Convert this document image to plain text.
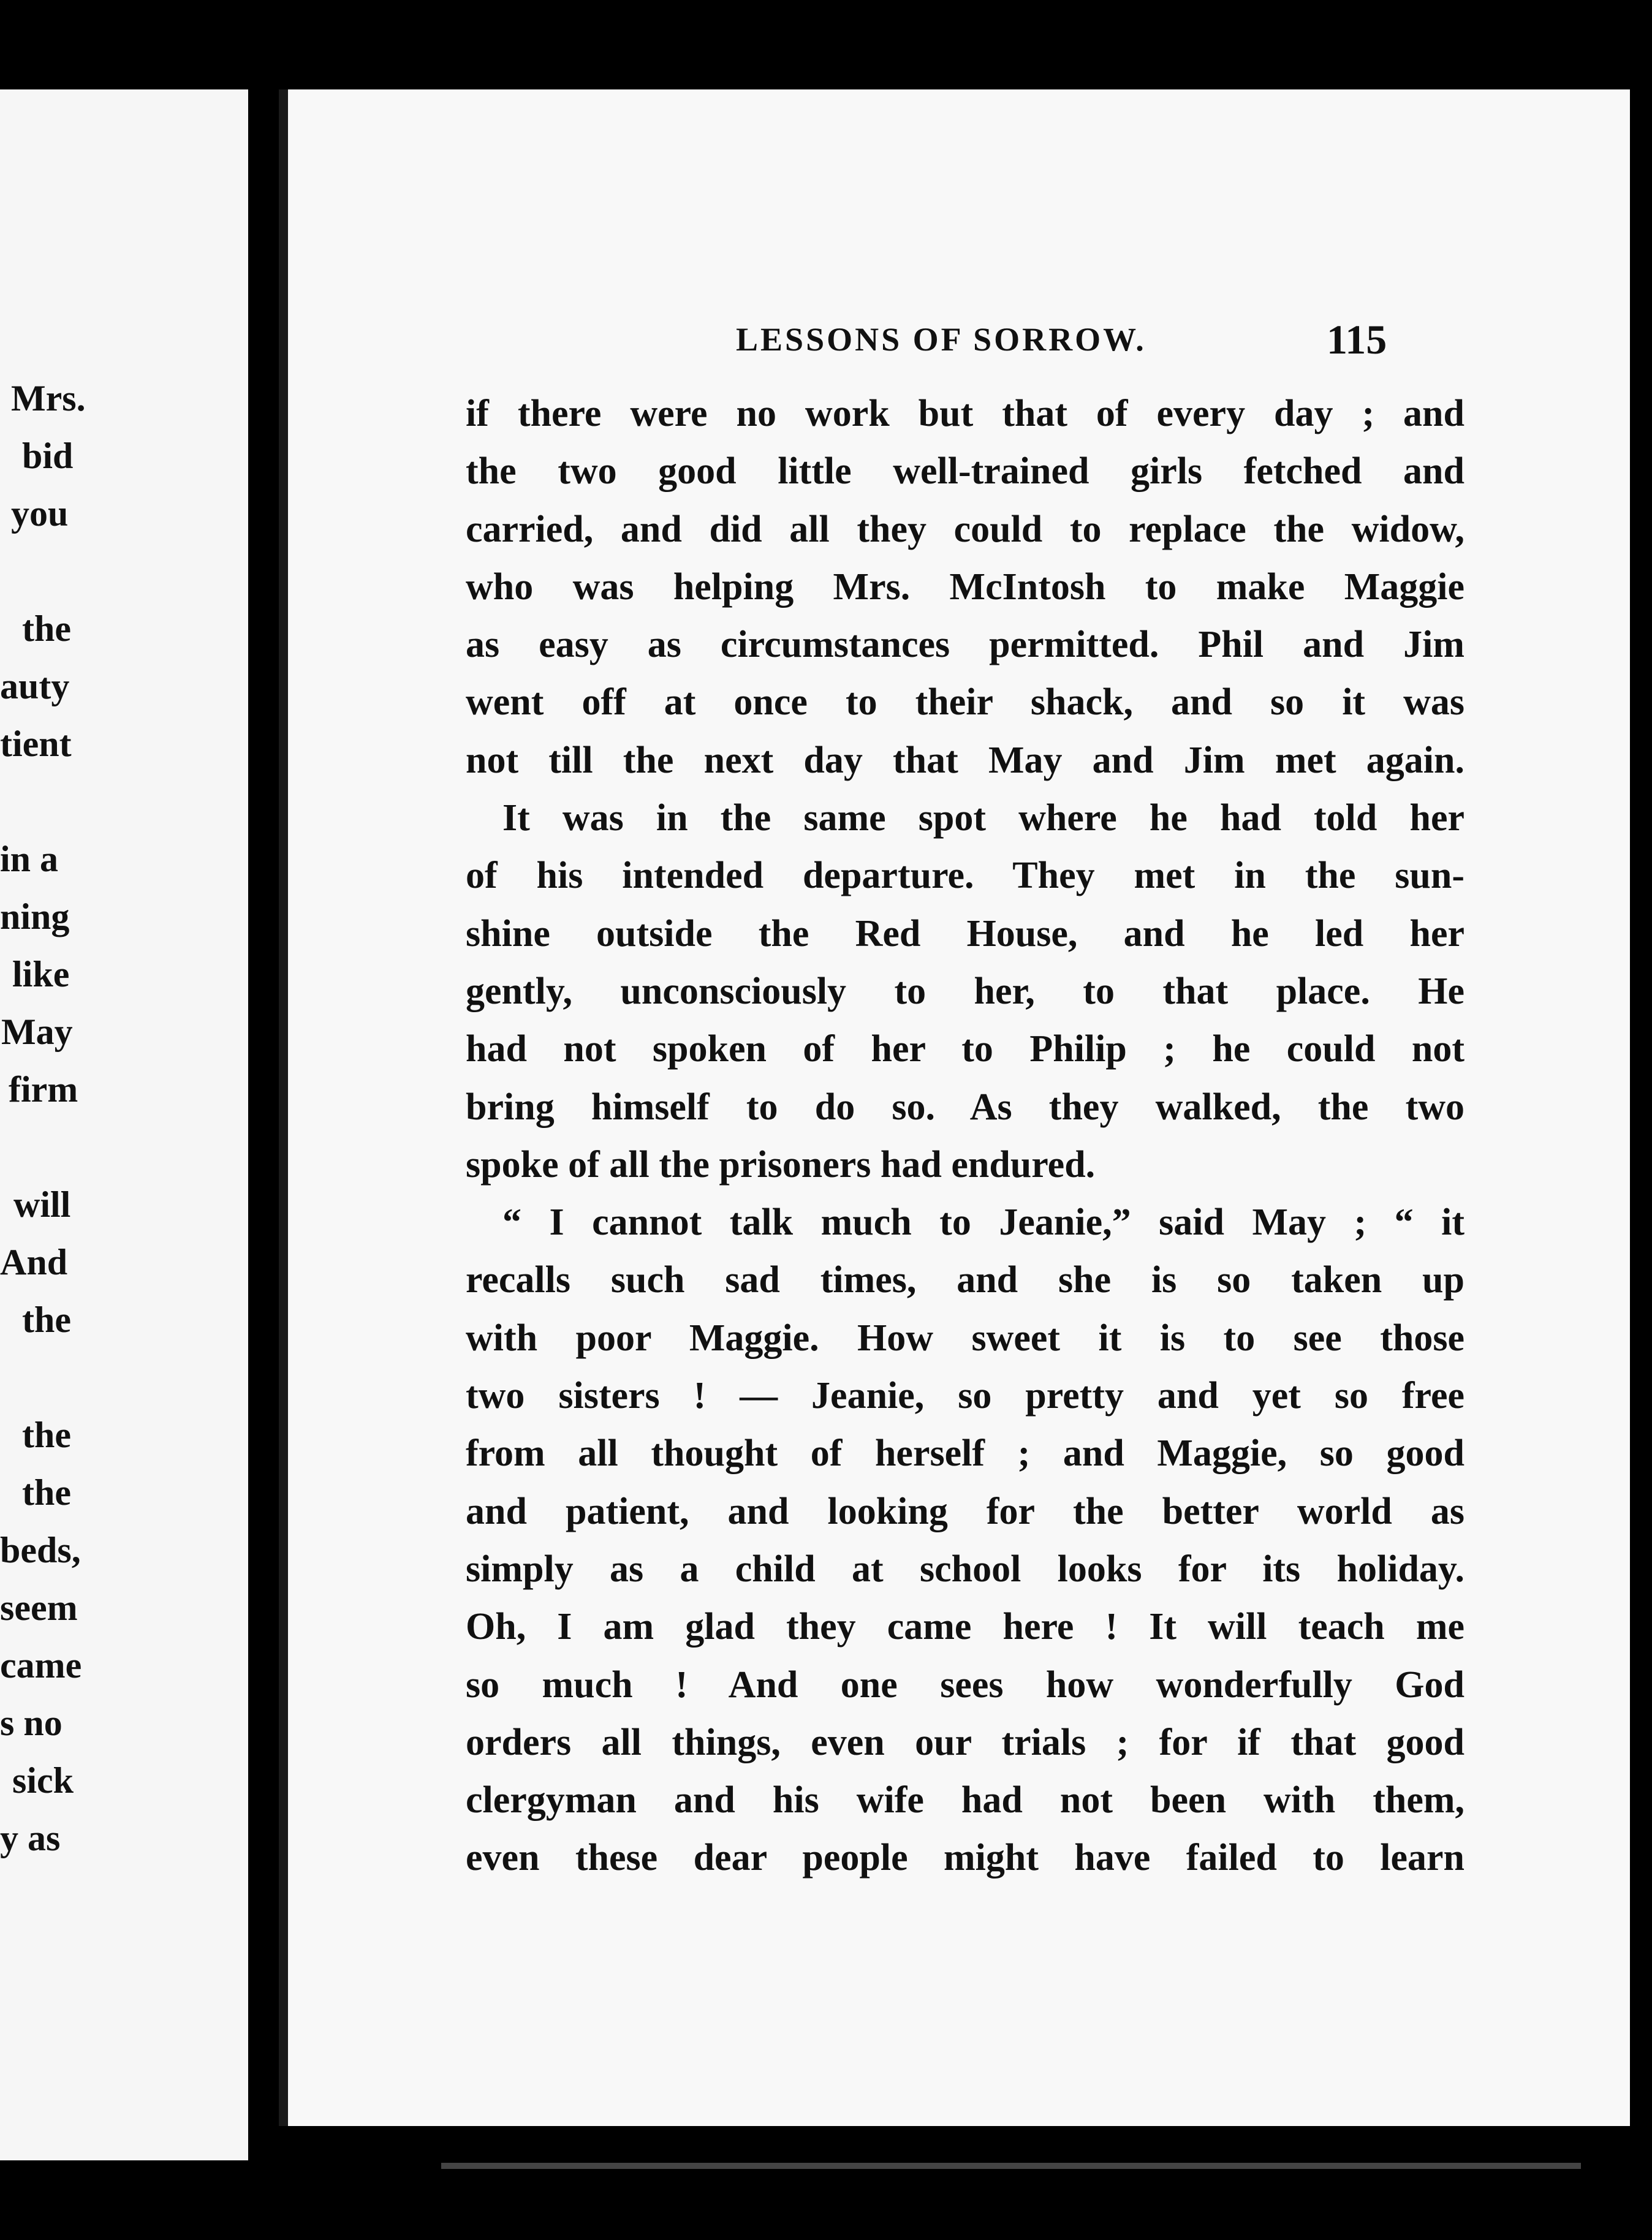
Mrs.
bid
you
the
auty
tient
in a
ning
like
May
firm
will
And
the
the
the
beds,
seem
came
s no
sick
y as
LESSONS OF SORROW.	115
if there were no work but that of every day ; and
the two good little well-trained girls fetched and
carried, and did all they could to replace the widow,
who was helping Mrs. McIntosh to make Maggie
as easy as circumstances permitted. Phil and Jim
went off at once to their shack, and so it was
not till the next day that May and Jim met again.
It was in the same spot where he had told her
of his intended departure. They met in the sun-
shine outside the Red House, and he led her
gently, unconsciously to her, to that place. He
had not spoken of her to Philip ; he could not
bring himself to do so. As they walked, the two
spoke of all the prisoners had endured.
“ I cannot talk much to Jeanie,” said May ; “ it
recalls such sad times, and she is so taken up
with poor Maggie. How sweet it is to see those
two sisters ! — Jeanie, so pretty and yet so free
from all thought of herself ; and Maggie, so good
and patient, and looking for the better world as
simply as a child at school looks for its holiday.
Oh, I am glad they came here ! It will teach me
so much ! And one sees how wonderfully God
orders all things, even our trials ; for if that good
clergyman and his wife had not been with them,
even these dear people might have failed to learn
